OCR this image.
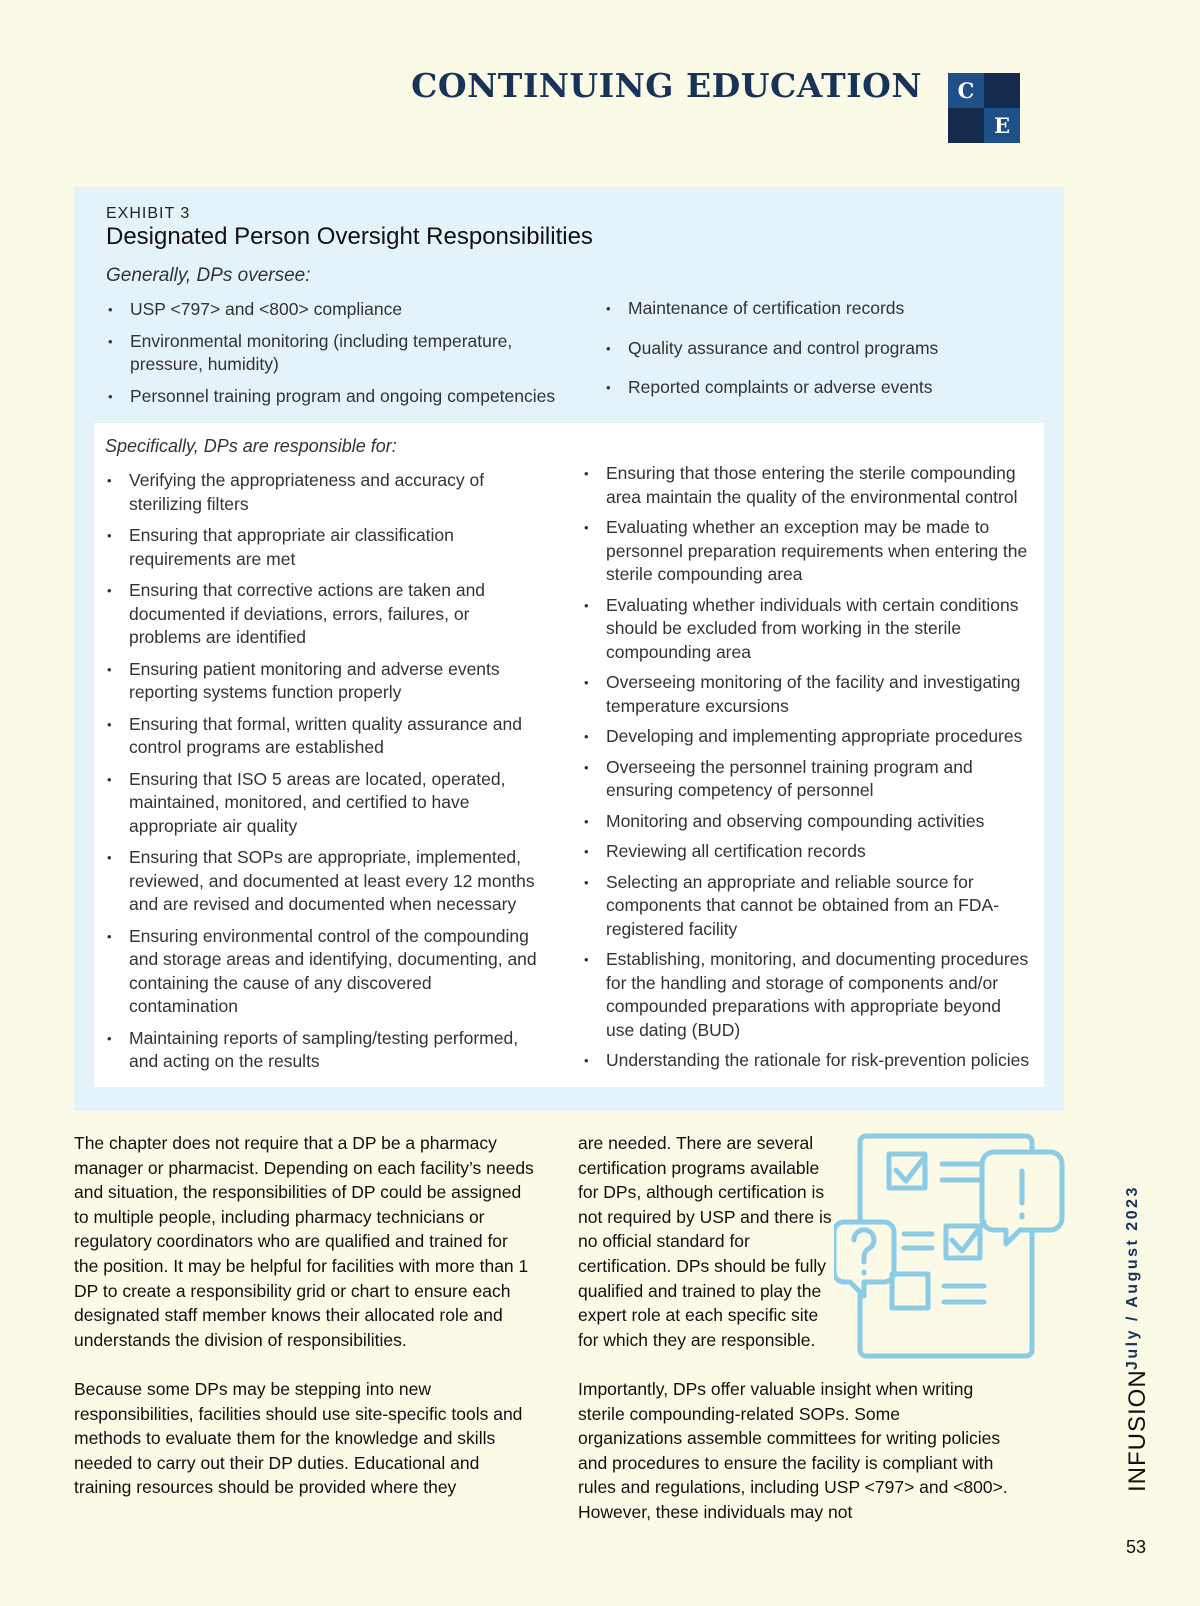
CONTINUING EDUCATION	C
E
EXHIBIT 3
Designated Person Oversight Responsibilities
Generally, DPs oversee:
• USP <797> and <800> compliance
• Environmental monitoring (including temperature, pressure, humidity)
• Personnel training program and ongoing competencies
• Maintenance of certification records
• Quality assurance and control programs
• Reported complaints or adverse events
Specifically, DPs are responsible for:
• Verifying the appropriateness and accuracy of sterilizing filters
• Ensuring that appropriate air classification requirements are met
• Ensuring that corrective actions are taken and documented if deviations, errors, failures, or problems are identified
• Ensuring patient monitoring and adverse events reporting systems function properly
• Ensuring that formal, written quality assurance and control programs are established
• Ensuring that ISO 5 areas are located, operated, maintained, monitored, and certified to have appropriate air quality
• Ensuring that SOPs are appropriate, implemented, reviewed, and documented at least every 12 months and are revised and documented when necessary
• Ensuring environmental control of the compounding and storage areas and identifying, documenting, and containing the cause of any discovered contamination
• Maintaining reports of sampling/testing performed, and acting on the results
• Ensuring that those entering the sterile compounding area maintain the quality of the environmental control
• Evaluating whether an exception may be made to personnel preparation requirements when entering the sterile compounding area
• Evaluating whether individuals with certain conditions should be excluded from working in the sterile compounding area
• Overseeing monitoring of the facility and investigating temperature excursions
• Developing and implementing appropriate procedures
• Overseeing the personnel training program and ensuring competency of personnel
• Monitoring and observing compounding activities
• Reviewing all certification records
• Selecting an appropriate and reliable source for components that cannot be obtained from an FDA-registered facility
• Establishing, monitoring, and documenting procedures for the handling and storage of components and/or compounded preparations with appropriate beyond use dating (BUD)
• Understanding the rationale for risk-prevention policies

The chapter does not require that a DP be a pharmacy manager or pharmacist. Depending on each facility’s needs and situation, the responsibilities of DP could be assigned to multiple people, including pharmacy technicians or regulatory coordinators who are qualified and trained for the position. It may be helpful for facilities with more than 1 DP to create a responsibility grid or chart to ensure each designated staff member knows their allocated role and understands the division of responsibilities.

Because some DPs may be stepping into new responsibilities, facilities should use site-specific tools and methods to evaluate them for the knowledge and skills needed to carry out their DP duties. Educational and training resources should be provided where they

are needed. There are several certification programs available for DPs, although certification is not required by USP and there is no official standard for certification. DPs should be fully qualified and trained to play the expert role at each specific site for which they are responsible.

Importantly, DPs offer valuable insight when writing sterile compounding-related SOPs. Some organizations assemble committees for writing policies and procedures to ensure the facility is compliant with rules and regulations, including USP <797> and <800>. However, these individuals may not

July / August 2023
INFUSION
53
